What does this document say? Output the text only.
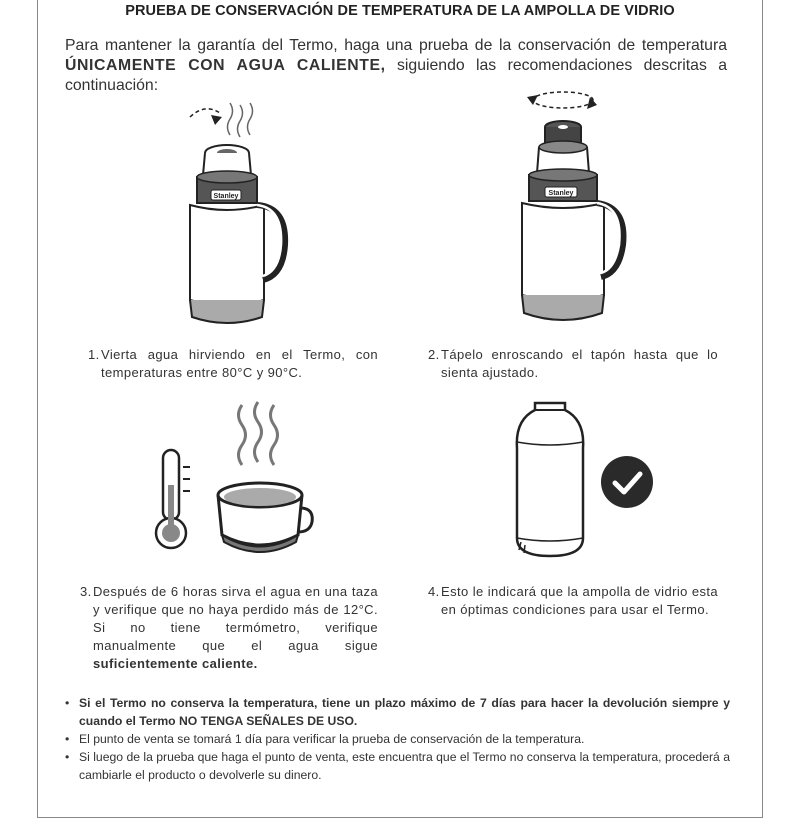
PRUEBA DE CONSERVACIÓN DE TEMPERATURA DE LA AMPOLLA DE VIDRIO
Para mantener la garantía del Termo, haga una prueba de la conservación de temperatura ÚNICAMENTE CON AGUA CALIENTE, siguiendo las recomendaciones descritas a continuación:
Stanley	Stanley
1. Vierta agua hirviendo en el Termo, con temperaturas entre 80°C y 90°C.
2. Tápelo enroscando el tapón hasta que lo sienta ajustado.
3. Después de 6 horas sirva el agua en una taza y verifique que no haya perdido más de 12°C. Si no tiene termómetro, verifique manualmente que el agua sigue suficientemente caliente.
4. Esto le indicará que la ampolla de vidrio esta en óptimas condiciones para usar el Termo.
• Si el Termo no conserva la temperatura, tiene un plazo máximo de 7 días para hacer la devolución siempre y cuando el Termo NO TENGA SEÑALES DE USO.
• El punto de venta se tomará 1 día para verificar la prueba de conservación de la temperatura.
• Si luego de la prueba que haga el punto de venta, este encuentra que el Termo no conserva la temperatura, procederá a cambiarle el producto o devolverle su dinero.
